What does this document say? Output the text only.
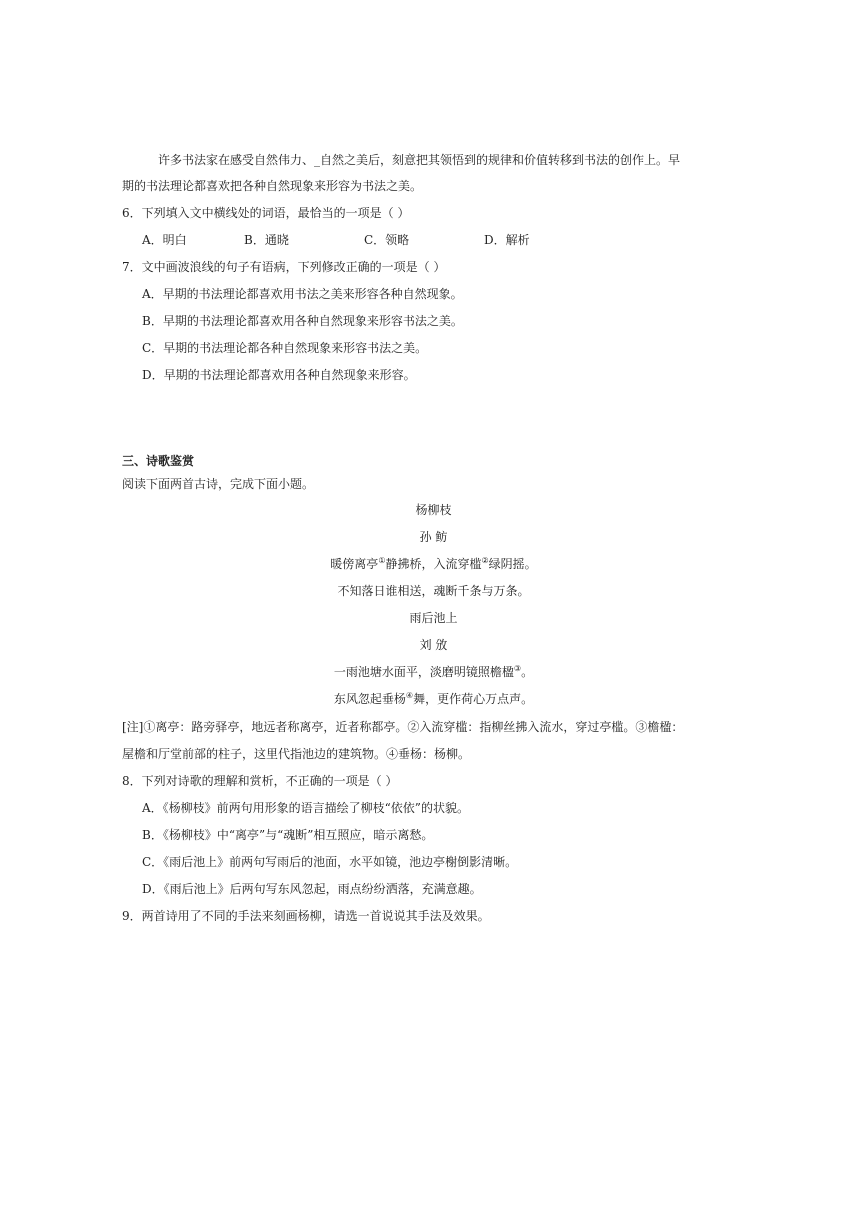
许多书法家在感受自然伟力、_自然之美后，刻意把其领悟到的规律和价值转移到书法的创作上。早
期的书法理论都喜欢把各种自然现象来形容为书法之美。
6．下列填入文中横线处的词语，最恰当的一项是（ ）
A．明白	B．通晓	C．领略	D．解析
7．文中画波浪线的句子有语病，下列修改正确的一项是（ ）
A．早期的书法理论都喜欢用书法之美来形容各种自然现象。
B．早期的书法理论都喜欢用各种自然现象来形容书法之美。
C．早期的书法理论都各种自然现象来形容书法之美。
D．早期的书法理论都喜欢用各种自然现象来形容。
三、诗歌鉴赏
阅读下面两首古诗，完成下面小题。
杨柳枝
孙 鲂
暖傍离亭①静拂桥，入流穿槛②绿阴摇。
不知落日谁相送，魂断千条与万条。
雨后池上
刘 攽
一雨池塘水面平，淡磨明镜照檐楹③。
东风忽起垂杨④舞，更作荷心万点声。
[注]①离亭：路旁驿亭，地远者称离亭，近者称都亭。②入流穿槛：指柳丝拂入流水，穿过亭槛。③檐楹：
屋檐和厅堂前部的柱子，这里代指池边的建筑物。④垂杨：杨柳。
8．下列对诗歌的理解和赏析，不正确的一项是（ ）
A．《杨柳枝》前两句用形象的语言描绘了柳枝“依依”的状貌。
B．《杨柳枝》中“离亭”与“魂断”相互照应，暗示离愁。
C．《雨后池上》前两句写雨后的池面，水平如镜，池边亭榭倒影清晰。
D．《雨后池上》后两句写东风忽起，雨点纷纷洒落，充满意趣。
9．两首诗用了不同的手法来刻画杨柳，请选一首说说其手法及效果。
